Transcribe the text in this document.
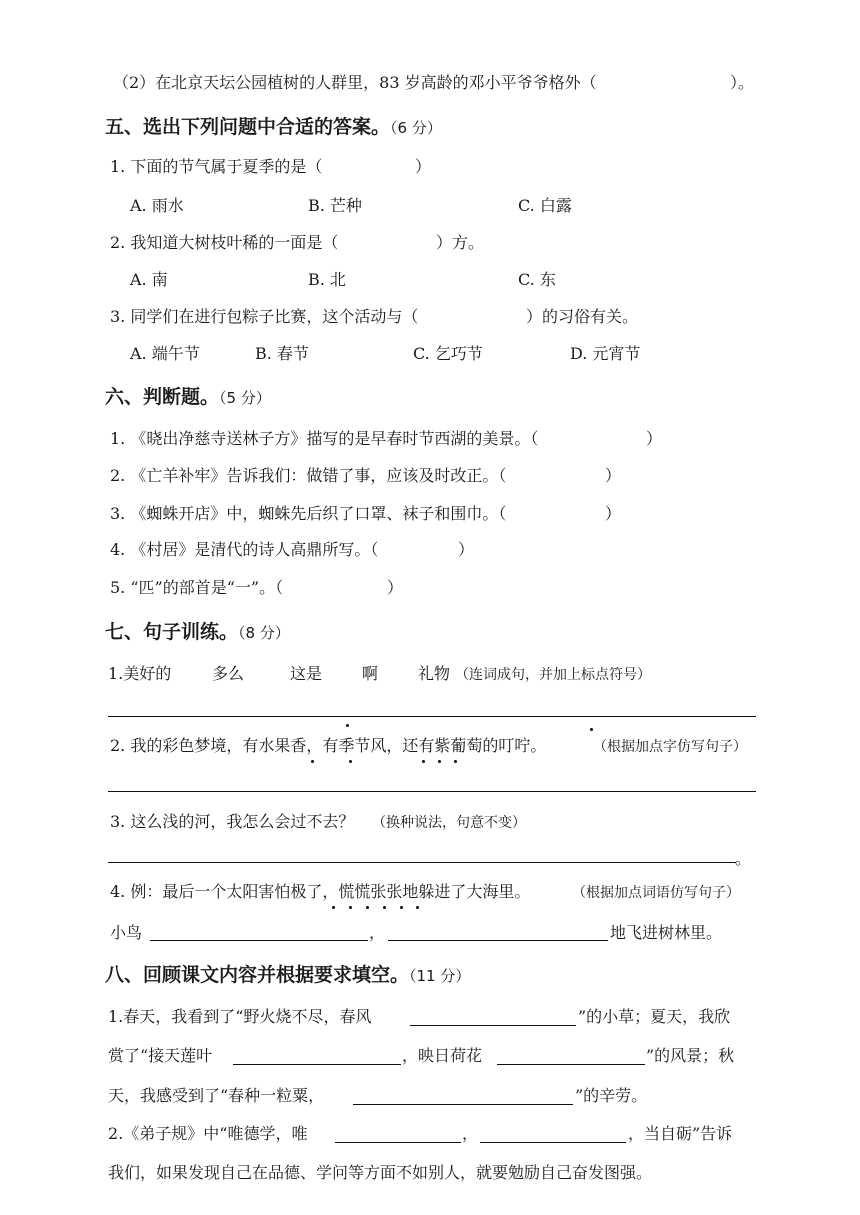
（2）在北京天坛公园植树的人群里，83 岁高龄的邓小平爷爷格外（	）。
五、选出下列问题中合适的答案。（6 分）
1. 下面的节气属于夏季的是（	）
A. 雨水	B. 芒种	C. 白露
2. 我知道大树枝叶稀的一面是（	）方。
A. 南	B. 北	C. 东
3. 同学们在进行包粽子比赛，这个活动与（	）的习俗有关。
A. 端午节	B. 春节	C. 乞巧节	D. 元宵节
六、判断题。（5 分）
1. 《晓出净慈寺送林子方》描写的是早春时节西湖的美景。（	）
2. 《亡羊补牢》告诉我们：做错了事，应该及时改正。（	）
3. 《蜘蛛开店》中，蜘蛛先后织了口罩、袜子和围巾。（	）
4. 《村居》是清代的诗人高鼎所写。（	）
5. “匹”的部首是“一”。（	）
七、句子训练。（8 分）
1.美好的	多么	这是 啊 礼物 （连词成句，并加上标点符号）
2. 我的彩色梦境，有水果香，有季节风，还有紫葡萄的叮咛。	（根据加点字仿写句子）
3. 这么浅的河，我怎么会过不去？ （换种说法，句意不变）
。
4. 例：最后一个太阳害怕极了，慌慌张张地躲进了大海里。	（根据加点词语仿写句子）
小鸟	，	地飞进树林里。
八、回顾课文内容并根据要求填空。（11 分）
1.春天，我看到了“野火烧不尽，春风	”的小草；夏天，我欣
赏了“接天莲叶	，映日荷花	”的风景；秋
天，我感受到了“春种一粒粟，	”的辛劳。
2.《弟子规》中“唯德学，唯	，	，当自砺”告诉
我们，如果发现自己在品德、学问等方面不如别人，就要勉励自己奋发图强。
